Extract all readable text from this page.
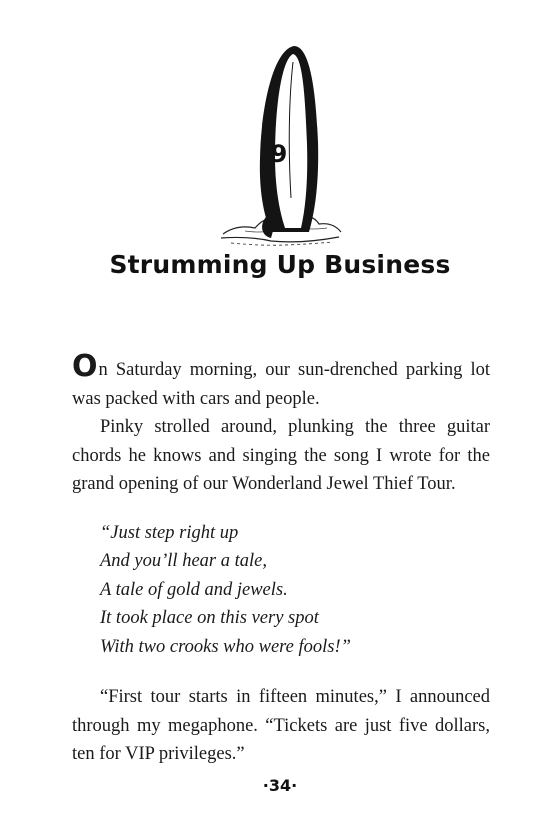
9
Strumming Up Business

On Saturday morning, our sun-drenched parking lot was packed with cars and people.

Pinky strolled around, plunking the three guitar chords he knows and singing the song I wrote for the grand opening of our Wonderland Jewel Thief Tour.

“Just step right up
And you’ll hear a tale,
A tale of gold and jewels.
It took place on this very spot
With two crooks who were fools!”

“First tour starts in fifteen minutes,” I announced through my megaphone. “Tickets are just five dollars, ten for VIP privileges.”

·34·
